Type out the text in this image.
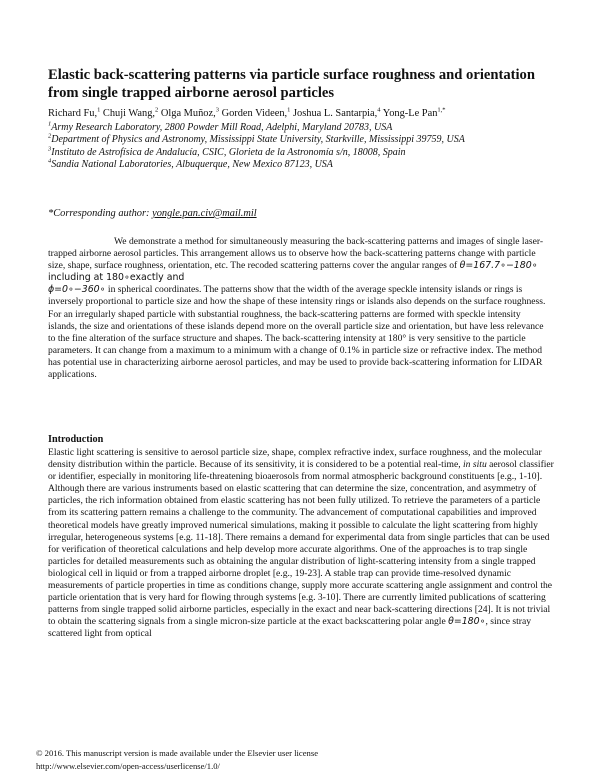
Elastic back-scattering patterns via particle surface roughness and orientation from single trapped airborne aerosol particles
Richard Fu,$^1$ Chuji Wang,$^2$ Olga Muñoz,$^3$ Gorden Videen,$^1$ Joshua L. Santarpia,$^4$ Yong-Le Pan$^{1,*}$
$^1$Army Research Laboratory, 2800 Powder Mill Road, Adelphi, Maryland 20783, USA
$^2$Department of Physics and Astronomy, Mississippi State University, Starkville, Mississippi 39759, USA
$^3$Instituto de Astrofísica de Andalucía, CSIC, Glorieta de la Astronomía s/n, 18008, Spain
$^4$Sandia National Laboratories, Albuquerque, New Mexico 87123, USA
*Corresponding author: yongle.pan.civ@mail.mil

We demonstrate a method for simultaneously measuring the back-scattering patterns and images of single laser-trapped airborne aerosol particles. This arrangement allows us to observe how the back-scattering patterns change with particle size, shape, surface roughness, orientation, etc. The recoded scattering patterns cover the angular ranges of θ=167.7∘−180∘ including at 180∘exactly and
ϕ=0∘−360∘ in spherical coordinates. The patterns show that the width of the average speckle intensity islands or rings is inversely proportional to particle size and how the shape of these intensity rings or islands also depends on the surface roughness. For an irregularly shaped particle with substantial roughness, the back-scattering patterns are formed with speckle intensity islands, the size and orientations of these islands depend more on the overall particle size and orientation, but have less relevance to the fine alteration of the surface structure and shapes. The back-scattering intensity at 180° is very sensitive to the particle parameters. It can change from a maximum to a minimum with a change of 0.1% in particle size or refractive index. The method has potential use in characterizing airborne aerosol particles, and may be used to provide back-scattering information for LIDAR applications.

Introduction

Elastic light scattering is sensitive to aerosol particle size, shape, complex refractive index, surface roughness, and the molecular density distribution within the particle. Because of its sensitivity, it is considered to be a potential real-time, in situ aerosol classifier or identifier, especially in monitoring life-threatening bioaerosols from normal atmospheric background constituents [e.g., 1-10]. Although there are various instruments based on elastic scattering that can determine the size, concentration, and asymmetry of particles, the rich information obtained from elastic scattering has not been fully utilized. To retrieve the parameters of a particle from its scattering pattern remains a challenge to the community. The advancement of computational capabilities and improved theoretical models have greatly improved numerical simulations, making it possible to calculate the light scattering from highly irregular, heterogeneous systems [e.g. 11-18]. There remains a demand for experimental data from single particles that can be used for verification of theoretical calculations and help develop more accurate algorithms. One of the approaches is to trap single particles for detailed measurements such as obtaining the angular distribution of light-scattering intensity from a single trapped biological cell in liquid or from a trapped airborne droplet [e.g., 19-23]. A stable trap can provide time-resolved dynamic measurements of particle properties in time as conditions change, supply more accurate scattering angle assignment and control the particle orientation that is very hard for flowing through systems [e.g. 3-10]. There are currently limited publications of scattering patterns from single trapped solid airborne particles, especially in the exact and near back-scattering directions [24]. It is not trivial to obtain the scattering signals from a single micron-size particle at the exact backscattering polar angle θ=180∘, since stray scattered light from optical

© 2016. This manuscript version is made available under the Elsevier user license
http://www.elsevier.com/open-access/userlicense/1.0/
